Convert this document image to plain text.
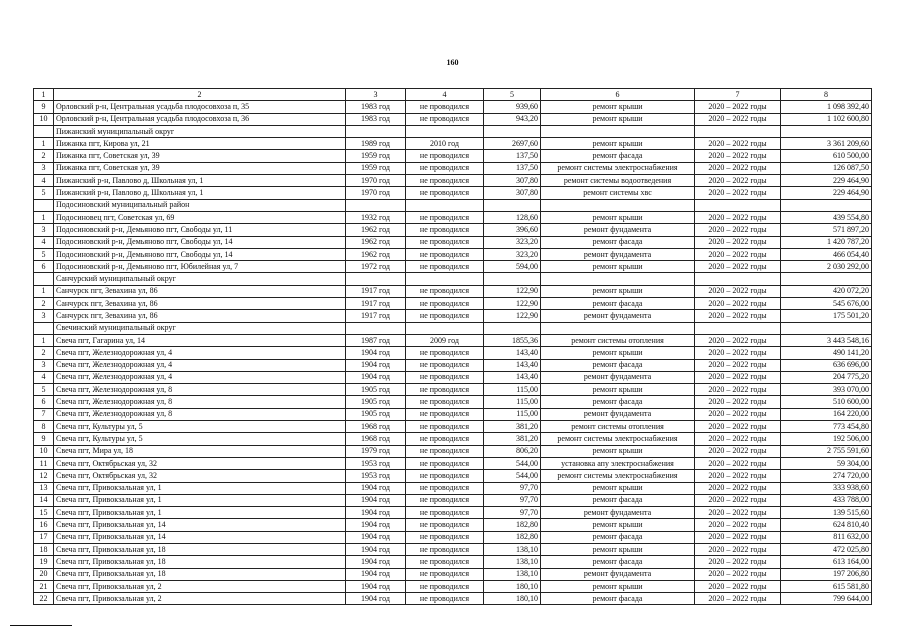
160
1	2	3	4	5	6	7	8
9	Орловский р-н, Центральная усадьба плодосовхоза п, 35	1983 год	не проводился	939,60	ремонт крыши	2020 – 2022 годы	1 098 392,40
10	Орловский р-н, Центральная усадьба плодосовхоза п, 36	1983 год	не проводился	943,20	ремонт крыши	2020 – 2022 годы	1 102 600,80
	Пижанский муниципальный округ						
1	Пижанка пгт, Кирова ул, 21	1989 год	2010 год	2697,60	ремонт крыши	2020 – 2022 годы	3 361 209,60
2	Пижанка пгт, Советская ул, 39	1959 год	не проводился	137,50	ремонт фасада	2020 – 2022 годы	610 500,00
3	Пижанка пгт, Советская ул, 39	1959 год	не проводился	137,50	ремонт системы электроснабжения	2020 – 2022 годы	126 087,50
4	Пижанский р-н, Павлово д, Школьная ул, 1	1970 год	не проводился	307,80	ремонт системы водоотведения	2020 – 2022 годы	229 464,90
5	Пижанский р-н, Павлово д, Школьная ул, 1	1970 год	не проводился	307,80	ремонт системы хвс	2020 – 2022 годы	229 464,90
	Подосиновский муниципальный район						
1	Подосиновец пгт, Советская ул, 69	1932 год	не проводился	128,60	ремонт крыши	2020 – 2022 годы	439 554,80
3	Подосиновский р-н, Демьяново пгт, Свободы ул, 11	1962 год	не проводился	396,60	ремонт фундамента	2020 – 2022 годы	571 897,20
4	Подосиновский р-н, Демьяново пгт, Свободы ул, 14	1962 год	не проводился	323,20	ремонт фасада	2020 – 2022 годы	1 420 787,20
5	Подосиновский р-н, Демьяново пгт, Свободы ул, 14	1962 год	не проводился	323,20	ремонт фундамента	2020 – 2022 годы	466 054,40
6	Подосиновский р-н, Демьяново пгт, Юбилейная ул, 7	1972 год	не проводился	594,00	ремонт крыши	2020 – 2022 годы	2 030 292,00
	Санчурский муниципальный округ						
1	Санчурск пгт, Зевахина ул, 86	1917 год	не проводился	122,90	ремонт крыши	2020 – 2022 годы	420 072,20
2	Санчурск пгт, Зевахина ул, 86	1917 год	не проводился	122,90	ремонт фасада	2020 – 2022 годы	545 676,00
3	Санчурск пгт, Зевахина ул, 86	1917 год	не проводился	122,90	ремонт фундамента	2020 – 2022 годы	175 501,20
	Свечинский муниципальный округ						
1	Свеча пгт, Гагарина ул, 14	1987 год	2009 год	1855,36	ремонт системы отопления	2020 – 2022 годы	3 443 548,16
2	Свеча пгт, Железнодорожная ул, 4	1904 год	не проводился	143,40	ремонт крыши	2020 – 2022 годы	490 141,20
3	Свеча пгт, Железнодорожная ул, 4	1904 год	не проводился	143,40	ремонт фасада	2020 – 2022 годы	636 696,00
4	Свеча пгт, Железнодорожная ул, 4	1904 год	не проводился	143,40	ремонт фундамента	2020 – 2022 годы	204 775,20
5	Свеча пгт, Железнодорожная ул, 8	1905 год	не проводился	115,00	ремонт крыши	2020 – 2022 годы	393 070,00
6	Свеча пгт, Железнодорожная ул, 8	1905 год	не проводился	115,00	ремонт фасада	2020 – 2022 годы	510 600,00
7	Свеча пгт, Железнодорожная ул, 8	1905 год	не проводился	115,00	ремонт фундамента	2020 – 2022 годы	164 220,00
8	Свеча пгт, Культуры ул, 5	1968 год	не проводился	381,20	ремонт системы отопления	2020 – 2022 годы	773 454,80
9	Свеча пгт, Культуры ул, 5	1968 год	не проводился	381,20	ремонт системы электроснабжения	2020 – 2022 годы	192 506,00
10	Свеча пгт, Мира ул, 18	1979 год	не проводился	806,20	ремонт крыши	2020 – 2022 годы	2 755 591,60
11	Свеча пгт, Октябрьская ул, 32	1953 год	не проводился	544,00	установка апу электроснабжения	2020 – 2022 годы	59 304,00
12	Свеча пгт, Октябрьская ул, 32	1953 год	не проводился	544,00	ремонт системы электроснабжения	2020 – 2022 годы	274 720,00
13	Свеча пгт, Привокзальная ул, 1	1904 год	не проводился	97,70	ремонт крыши	2020 – 2022 годы	333 938,60
14	Свеча пгт, Привокзальная ул, 1	1904 год	не проводился	97,70	ремонт фасада	2020 – 2022 годы	433 788,00
15	Свеча пгт, Привокзальная ул, 1	1904 год	не проводился	97,70	ремонт фундамента	2020 – 2022 годы	139 515,60
16	Свеча пгт, Привокзальная ул, 14	1904 год	не проводился	182,80	ремонт крыши	2020 – 2022 годы	624 810,40
17	Свеча пгт, Привокзальная ул, 14	1904 год	не проводился	182,80	ремонт фасада	2020 – 2022 годы	811 632,00
18	Свеча пгт, Привокзальная ул, 18	1904 год	не проводился	138,10	ремонт крыши	2020 – 2022 годы	472 025,80
19	Свеча пгт, Привокзальная ул, 18	1904 год	не проводился	138,10	ремонт фасада	2020 – 2022 годы	613 164,00
20	Свеча пгт, Привокзальная ул, 18	1904 год	не проводился	138,10	ремонт фундамента	2020 – 2022 годы	197 206,80
21	Свеча пгт, Привокзальная ул, 2	1904 год	не проводился	180,10	ремонт крыши	2020 – 2022 годы	615 581,80
22	Свеча пгт, Привокзальная ул, 2	1904 год	не проводился	180,10	ремонт фасада	2020 – 2022 годы	799 644,00
